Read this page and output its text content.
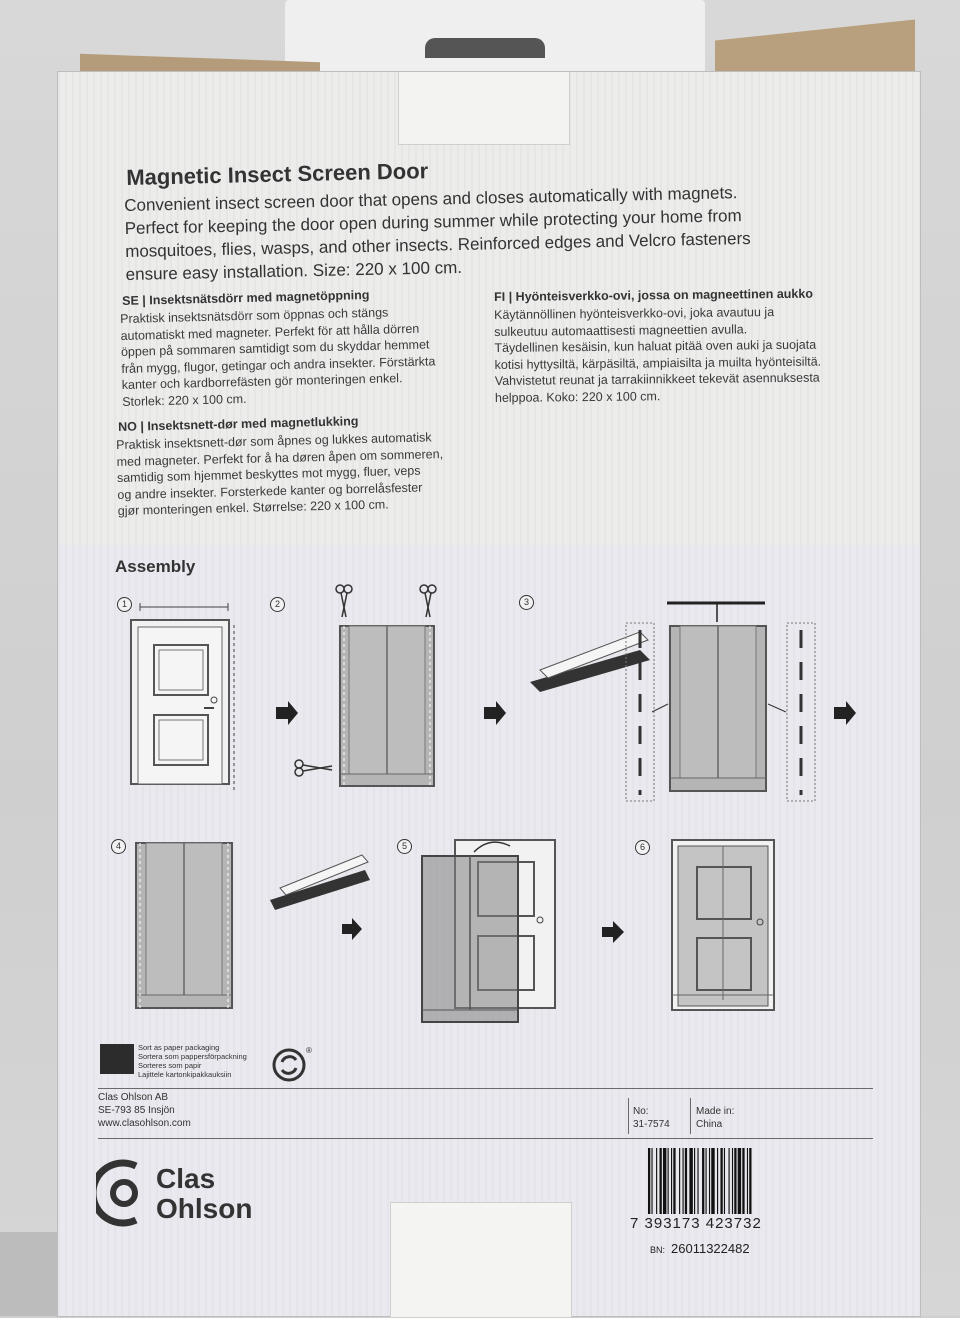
Magnetic Insect Screen Door
Convenient insect screen door that opens and closes automatically with magnets.
Perfect for keeping the door open during summer while protecting your home from
mosquitoes, flies, wasps, and other insects. Reinforced edges and Velcro fasteners
ensure easy installation. Size: 220 x 100 cm.
SE | Insektsnätsdörr med magnetöppning
Praktisk insektsnätsdörr som öppnas och stängs
automatiskt med magneter. Perfekt för att hålla dörren
öppen på sommaren samtidigt som du skyddar hemmet
från mygg, flugor, getingar och andra insekter. Förstärkta
kanter och kardborrefästen gör monteringen enkel.
Storlek: 220 x 100 cm.
NO | Insektsnett-dør med magnetlukking
Praktisk insektsnett-dør som åpnes og lukkes automatisk
med magneter. Perfekt for å ha døren åpen om sommeren,
samtidig som hjemmet beskyttes mot mygg, fluer, veps
og andre insekter. Forsterkede kanter og borrelåsfester
gjør monteringen enkel. Størrelse: 220 x 100 cm.
FI | Hyönteisverkko-ovi, jossa on magneettinen aukko
Käytännöllinen hyönteisverkko-ovi, joka avautuu ja
sulkeutuu automaattisesti magneettien avulla.
Täydellinen kesäisin, kun haluat pitää oven auki ja suojata
kotisi hyttysiltä, kärpäsiltä, ampiaisilta ja muilta hyönteisiltä.
Vahvistetut reunat ja tarrakiinnikkeet tekevät asennuksesta
helppoa. Koko: 220 x 100 cm.
Assembly
1	2	3
4	5	6
Sort as paper packaging
Sortera som pappersförpackning
Sorteres som papir
Lajittele kartonkipakkauksiin
®
Clas Ohlson AB
SE-793 85 Insjön
www.clasohlson.com
No:
31-7574
Made in:
China
Clas
Ohlson	7 393173 423732
BN: 26011322482
